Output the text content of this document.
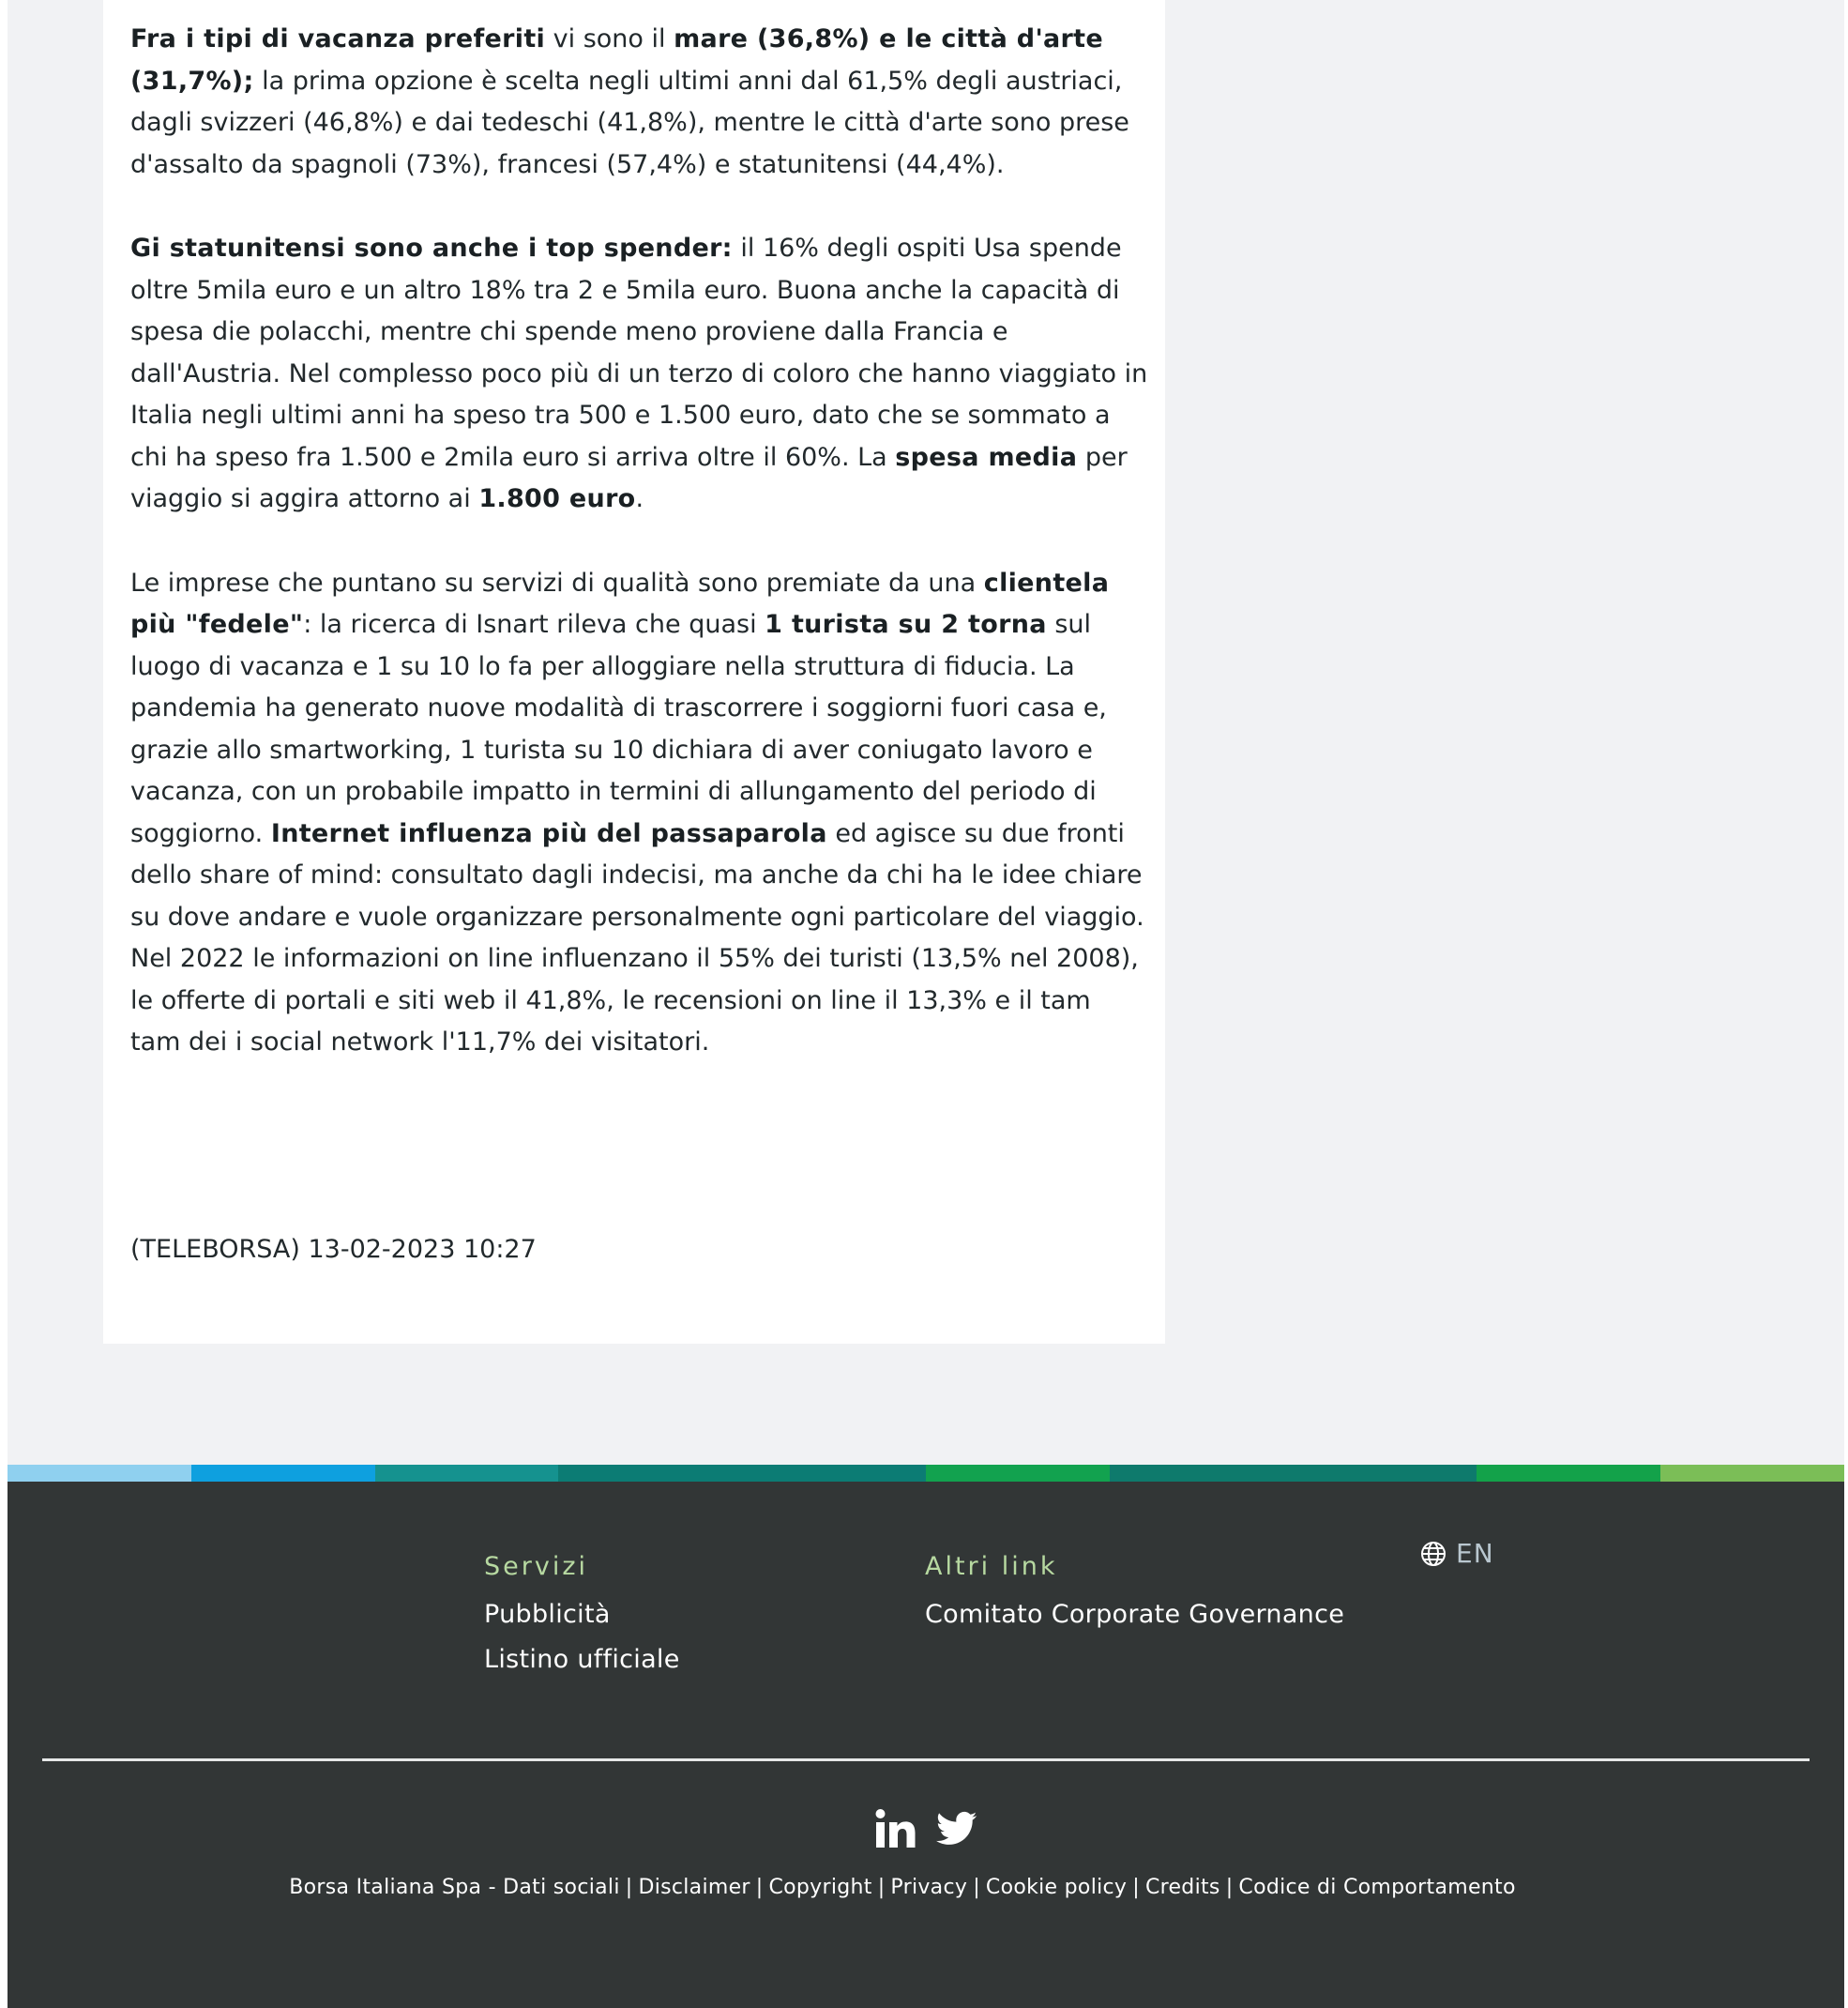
Fra i tipi di vacanza preferiti vi sono il mare (36,8%) e le città d'arte (31,7%); la prima opzione è scelta negli ultimi anni dal 61,5% degli austriaci, dagli svizzeri (46,8%) e dai tedeschi (41,8%), mentre le città d'arte sono prese d'assalto da spagnoli (73%), francesi (57,4%) e statunitensi (44,4%).

Gi statunitensi sono anche i top spender: il 16% degli ospiti Usa spende oltre 5mila euro e un altro 18% tra 2 e 5mila euro. Buona anche la capacità di spesa die polacchi, mentre chi spende meno proviene dalla Francia e dall'Austria. Nel complesso poco più di un terzo di coloro che hanno viaggiato in Italia negli ultimi anni ha speso tra 500 e 1.500 euro, dato che se sommato a chi ha speso fra 1.500 e 2mila euro si arriva oltre il 60%. La spesa media per viaggio si aggira attorno ai 1.800 euro.

Le imprese che puntano su servizi di qualità sono premiate da una clientela più "fedele": la ricerca di Isnart rileva che quasi 1 turista su 2 torna sul luogo di vacanza e 1 su 10 lo fa per alloggiare nella struttura di fiducia. La pandemia ha generato nuove modalità di trascorrere i soggiorni fuori casa e, grazie allo smartworking, 1 turista su 10 dichiara di aver coniugato lavoro e vacanza, con un probabile impatto in termini di allungamento del periodo di soggiorno. Internet influenza più del passaparola ed agisce su due fronti dello share of mind: consultato dagli indecisi, ma anche da chi ha le idee chiare su dove andare e vuole organizzare personalmente ogni particolare del viaggio. Nel 2022 le informazioni on line influenzano il 55% dei turisti (13,5% nel 2008), le offerte di portali e siti web il 41,8%, le recensioni on line il 13,3% e il tam tam dei i social network l'11,7% dei visitatori.

(TELEBORSA) 13-02-2023 10:27
Servizi
Pubblicità
Listino ufficiale
Altri link
Comitato Corporate Governance
EN
Borsa Italiana Spa - Dati sociali | Disclaimer | Copyright | Privacy | Cookie policy | Credits | Codice di Comportamento
